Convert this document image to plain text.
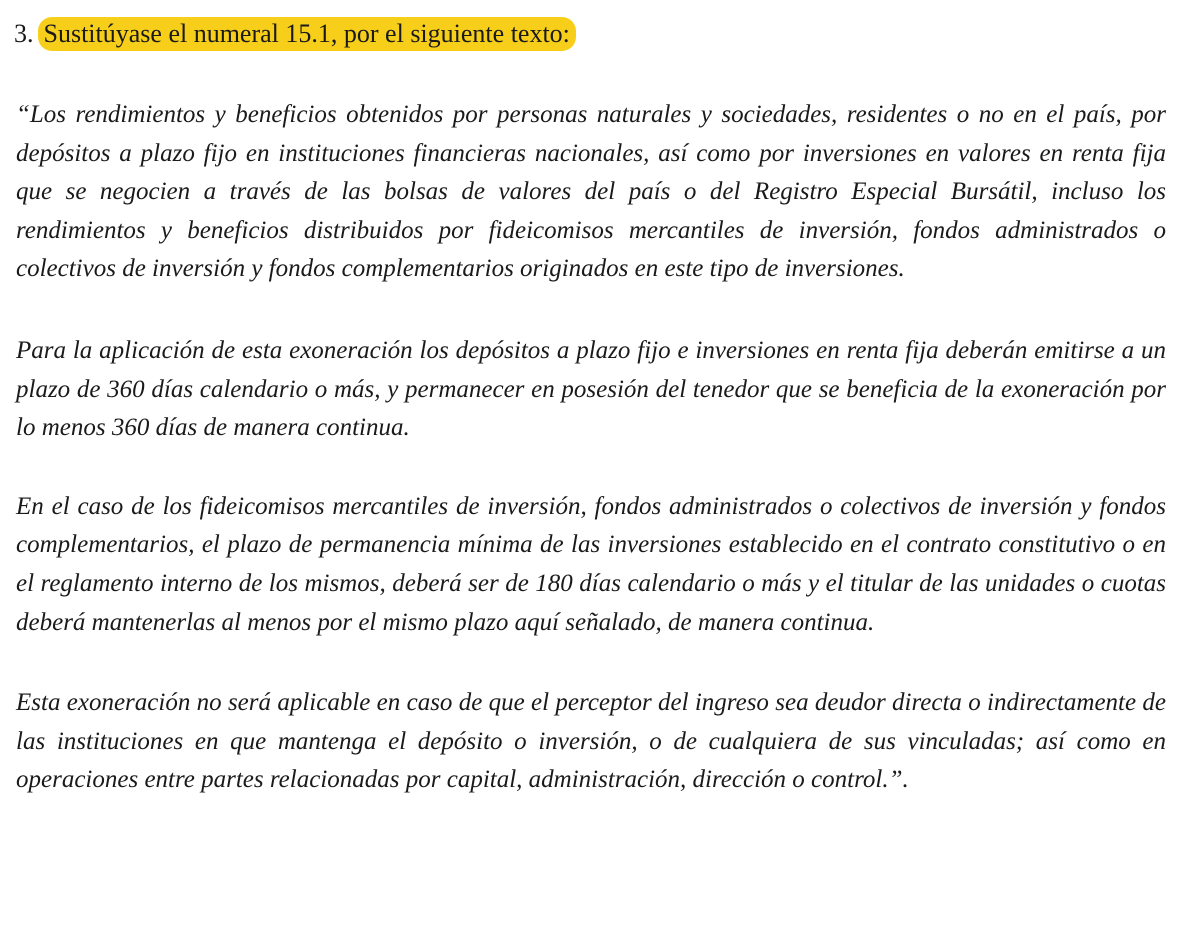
3. Sustitúyase el numeral 15.1, por el siguiente texto:

“Los rendimientos y beneficios obtenidos por personas naturales y sociedades, residentes o no en el país, por depósitos a plazo fijo en instituciones financieras nacionales, así como por inversiones en valores en renta fija que se negocien a través de las bolsas de valores del país o del Registro Especial Bursátil, incluso los rendimientos y beneficios distribuidos por fideicomisos mercantiles de inversión, fondos administrados o colectivos de inversión y fondos complementarios originados en este tipo de inversiones.

Para la aplicación de esta exoneración los depósitos a plazo fijo e inversiones en renta fija deberán emitirse a un plazo de 360 días calendario o más, y permanecer en posesión del tenedor que se beneficia de la exoneración por lo menos 360 días de manera continua.

En el caso de los fideicomisos mercantiles de inversión, fondos administrados o colectivos de inversión y fondos complementarios, el plazo de permanencia mínima de las inversiones establecido en el contrato constitutivo o en el reglamento interno de los mismos, deberá ser de 180 días calendario o más y el titular de las unidades o cuotas deberá mantenerlas al menos por el mismo plazo aquí señalado, de manera continua.

Esta exoneración no será aplicable en caso de que el perceptor del ingreso sea deudor directa o indirectamente de las instituciones en que mantenga el depósito o inversión, o de cualquiera de sus vinculadas; así como en operaciones entre partes relacionadas por capital, administración, dirección o control.”.
